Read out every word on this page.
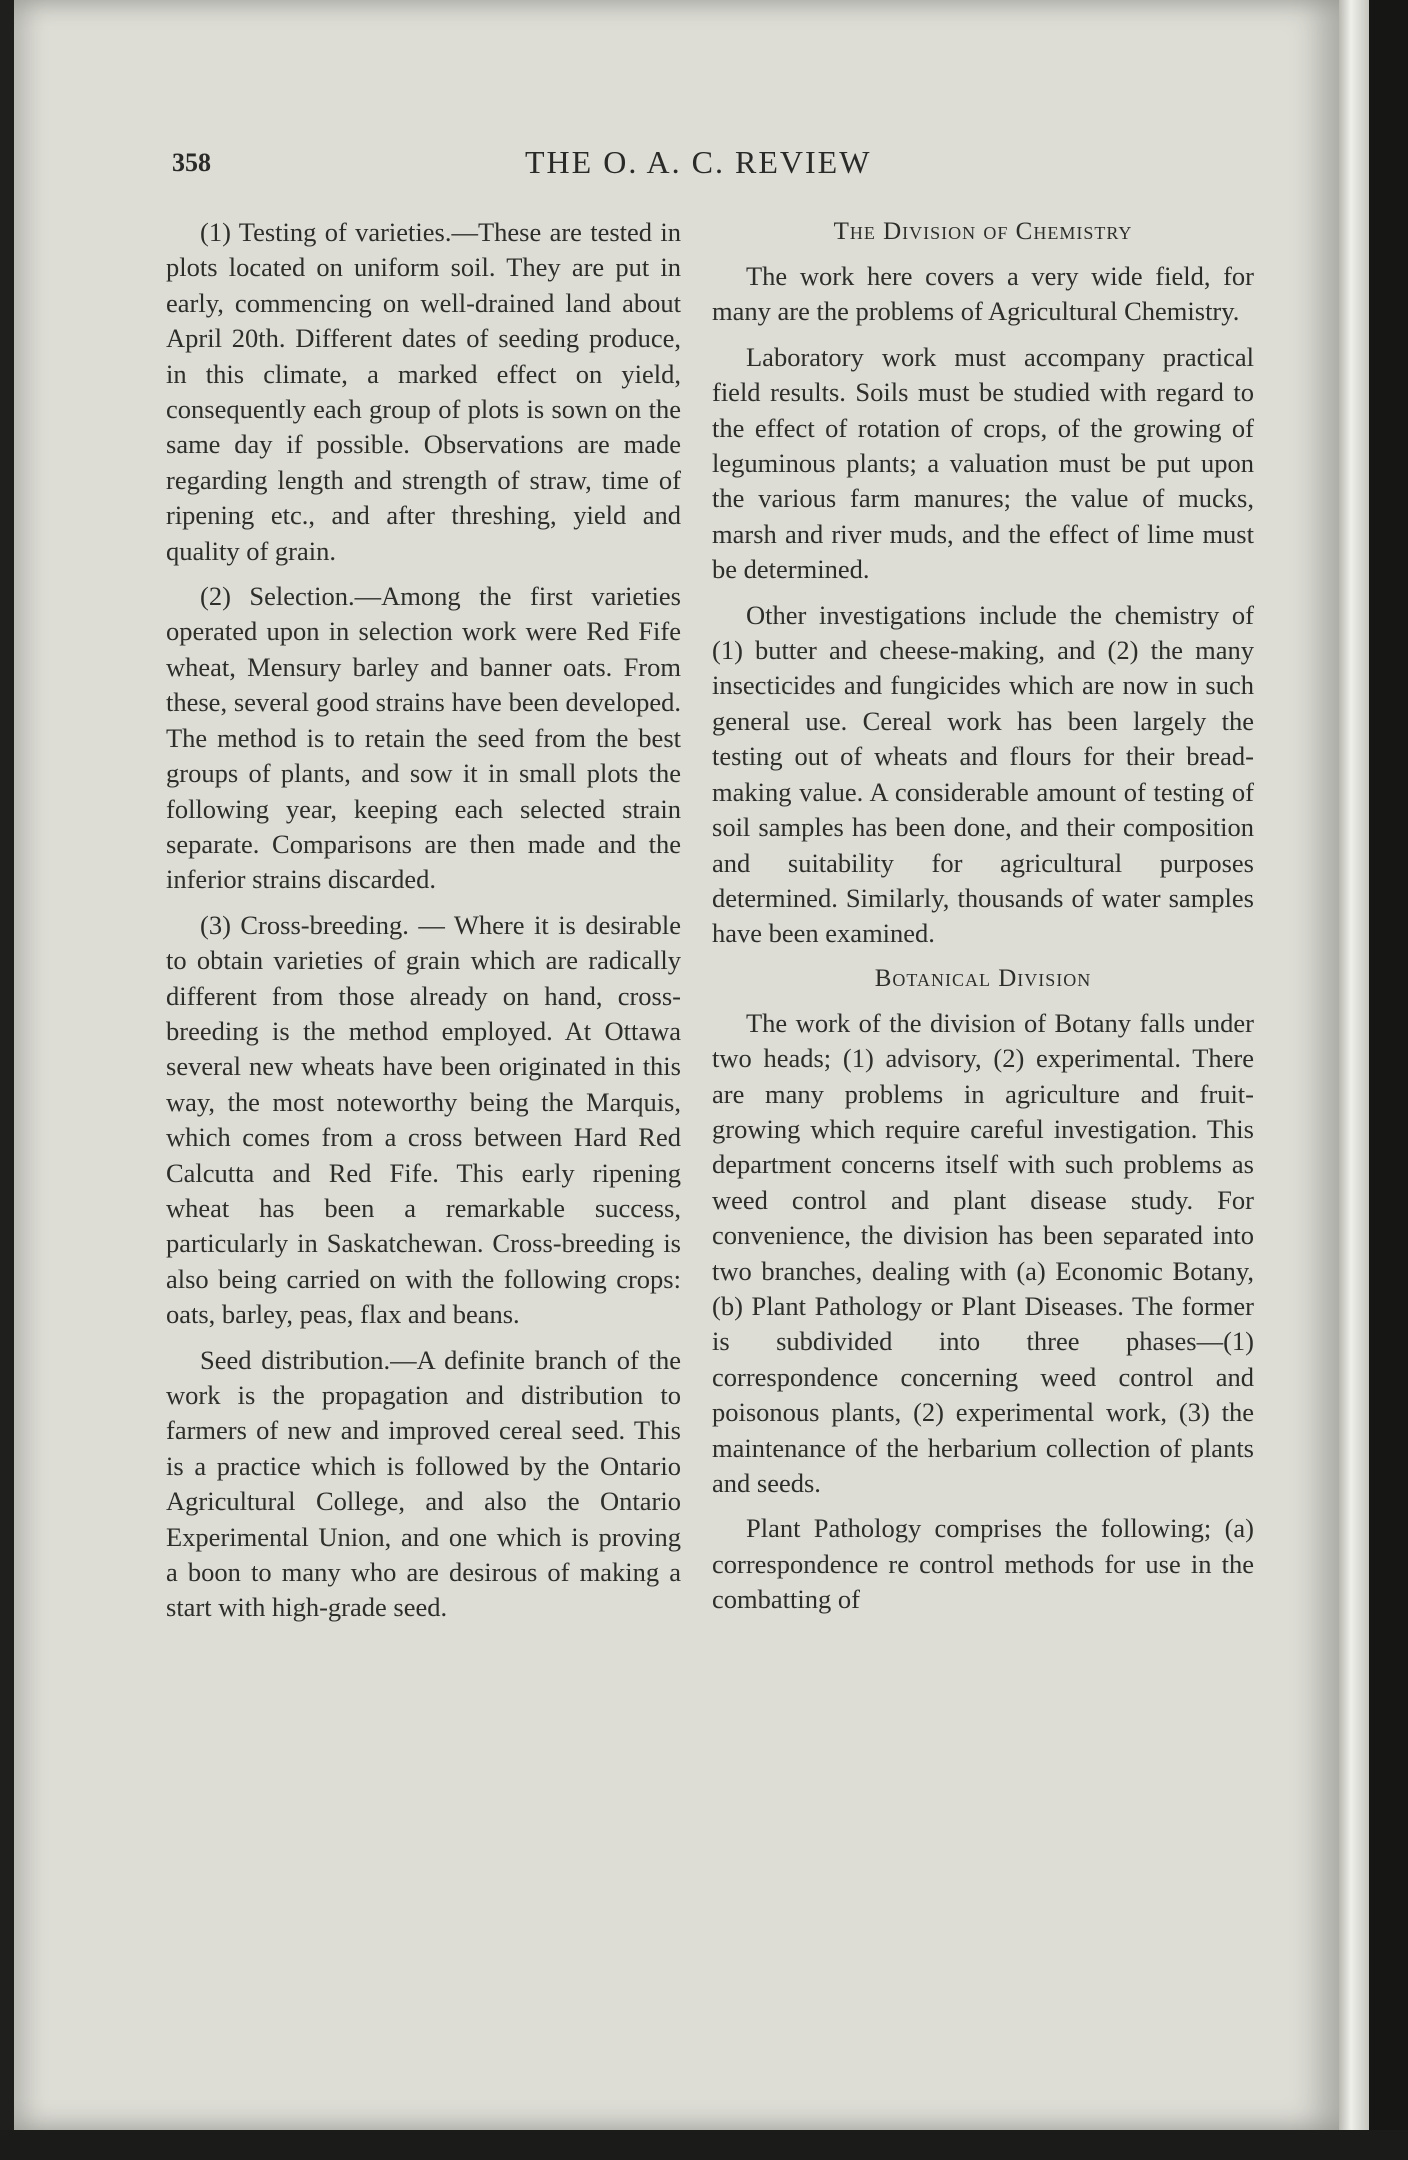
358	THE O. A. C. REVIEW

(1) Testing of varieties.—These are tested in plots located on uniform soil. They are put in early, commencing on well-drained land about April 20th. Different dates of seeding produce, in this climate, a marked effect on yield, consequently each group of plots is sown on the same day if possible. Observations are made regarding length and strength of straw, time of ripening etc., and after threshing, yield and quality of grain.

(2) Selection.—Among the first varieties operated upon in selection work were Red Fife wheat, Mensury barley and banner oats. From these, several good strains have been developed. The method is to retain the seed from the best groups of plants, and sow it in small plots the following year, keeping each selected strain separate. Comparisons are then made and the inferior strains discarded.

(3) Cross-breeding. — Where it is desirable to obtain varieties of grain which are radically different from those already on hand, cross-breeding is the method employed. At Ottawa several new wheats have been originated in this way, the most noteworthy being the Marquis, which comes from a cross between Hard Red Calcutta and Red Fife. This early ripening wheat has been a remarkable success, particularly in Saskatchewan. Cross-breeding is also being carried on with the following crops: oats, barley, peas, flax and beans.

Seed distribution.—A definite branch of the work is the propagation and distribution to farmers of new and improved cereal seed. This is a practice which is followed by the Ontario Agricultural College, and also the Ontario Experimental Union, and one which is proving a boon to many who are desirous of making a start with high-grade seed.

The Division of Chemistry

The work here covers a very wide field, for many are the problems of Agricultural Chemistry.

Laboratory work must accompany practical field results. Soils must be studied with regard to the effect of rotation of crops, of the growing of leguminous plants; a valuation must be put upon the various farm manures; the value of mucks, marsh and river muds, and the effect of lime must be determined.

Other investigations include the chemistry of (1) butter and cheese-making, and (2) the many insecticides and fungicides which are now in such general use. Cereal work has been largely the testing out of wheats and flours for their bread-making value. A considerable amount of testing of soil samples has been done, and their composition and suitability for agricultural purposes determined. Similarly, thousands of water samples have been examined.

Botanical Division

The work of the division of Botany falls under two heads; (1) advisory, (2) experimental. There are many problems in agriculture and fruit-growing which require careful investigation. This department concerns itself with such problems as weed control and plant disease study. For convenience, the division has been separated into two branches, dealing with (a) Economic Botany, (b) Plant Pathology or Plant Diseases. The former is subdivided into three phases—(1) correspondence concerning weed control and poisonous plants, (2) experimental work, (3) the maintenance of the herbarium collection of plants and seeds.

Plant Pathology comprises the following; (a) correspondence re control methods for use in the combatting of
